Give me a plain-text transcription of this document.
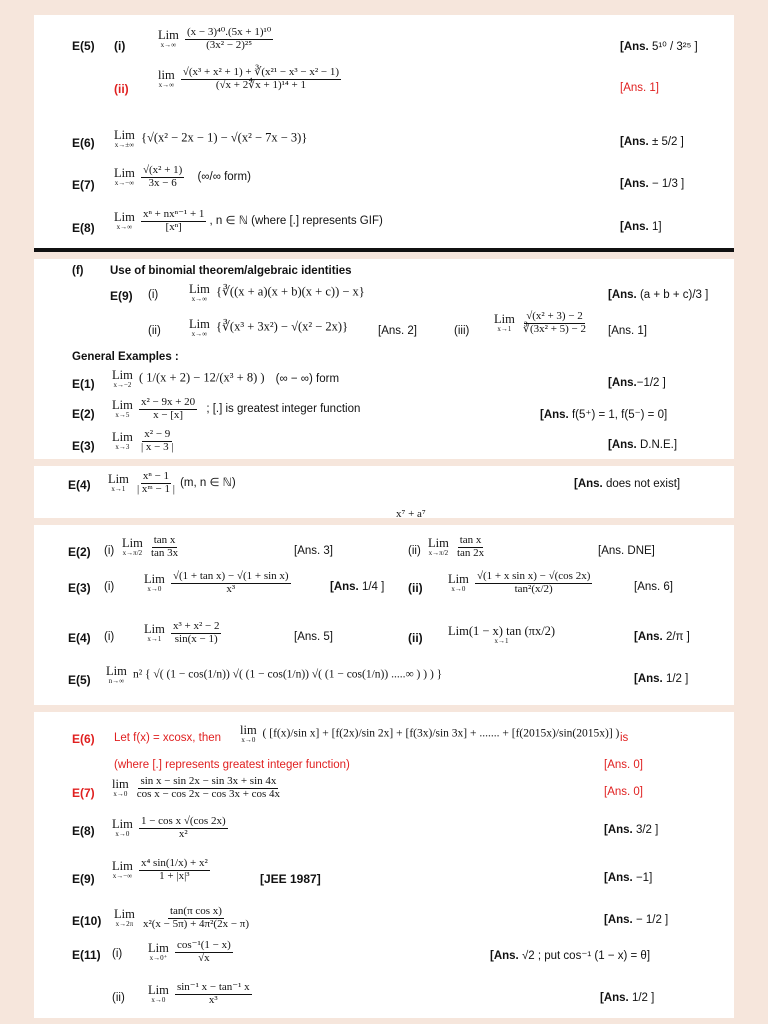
E(5) (i)
Lim
x→∞
$\frac{\text{(x − 3)⁴⁰.(5x + 1)¹⁰}}{\text{(3x² − 2)²⁵}}$	[Ans. 5¹⁰ / 3²⁵ ]
(ii)
lim
x→∞
$\frac{\text{√(x³ + x² + 1) + ∛(x²¹ − x³ − x² − 1)}}{\text{(√x + 2∜x + 1)¹⁴ + 1}}$	[Ans. 1]
E(6)
Lim
x→±∞ {√(x² − 2x − 1) − √(x² − 7x − 3)}	[Ans. ± 5/2 ]
E(7)
Lim
x→−∞
$\frac{\text{√(x² + 1)}}{3x - 6}$ (∞/∞ form)
[Ans. − 1/3 ]
E(8)
Lim
x→∞
$\frac{\text{xⁿ + nxⁿ⁻¹ + 1}}{\text{[xⁿ]}}$ , n ∈ ℕ (where [.] represents GIF)
[Ans. 1]
(f) Use of binomial theorem/algebraic identities
E(9) (i) Lim
x→∞ {∛((x + a)(x + b)(x + c)) − x}	[Ans. (a + b + c)/3 ]
(ii) Lim
x→∞ {∛(x³ + 3x²) − √(x² − 2x)}	[Ans. 2]	(iii)
Lim
x→1
$\frac{\text{√(x² + 3) − 2}}{\text{∛(3x² + 5) − 2}} [Ans$. 1]
General Examples :
E(1)
Lim
x→−2 ( 1/(x + 2) − 12/(x³ + 8) ) (∞ − ∞) form	[Ans.−1/2 ]
E(2)
Lim
x→5
$\frac{\text{x² − 9x + 20}}{x - [x]}$ ; [.] is greatest integer function
[Ans. f(5⁺) = 1, f(5⁻) = 0]
E(3)
Lim
x→3
$\frac{\text{x² − 9}}{| x - 3 |}$	[Ans. D.N.E.]
E(4) Lim
x→1
$\frac{\text{xⁿ − 1}}{\text{| xᵐ − 1 |}} (m$, n ∈ ℕ)	[Ans. does not exist]
x⁷ + a⁷
E(2) (i)
Lim
x→π/2
$\frac{\text{tan x}}{\tan 3x}$	[Ans. 3]	(ii)
Lim
x→π/2
$\frac{\text{tan x}}{\tan 2x}$	[Ans. DNE]
E(3) (i)
Lim
x→0
$\frac{\text{√(1 + tan x) − √(1 + sin x)}}{\text{x³}}$	[Ans. 1/4 ] (ii)
Lim
x→0
$\frac{\text{√(1 + x sin x) − √(cos 2x)}}{\text{tan²(x/2)}}$	[Ans. 6]
E(4) (i)
Lim
x→1
$\frac{\text{x³ + x² − 2}}{\sin(x - 1)}$	[Ans. 5]	(ii) Lim(1 − x) tan (πx/2)
x→1	[Ans. 2/π ]
E(5)
Lim
n→∞ n² { √( (1 − cos(1/n)) √( (1 − cos(1/n)) √( (1 − cos(1/n)) .....∞ ) ) ) }	[Ans. 1/2 ]
E(6) Let f(x) = xcosx, then
lim
x→0
( [f(x)/sin x] + [f(2x)/sin 2x] + [f(3x)/sin 3x] + ....... + [f(2015x)/sin(2015x)] ) is
(where [.] represents greatest integer function)	[Ans. 0]
E(7)
lim
x→0
$\frac{\text{sin x − sin 2x − sin 3x + sin 4x}}{\text{cos x − cos 2x − cos 3x + cos 4x}}$	[Ans. 0]
E(8) Lim
x→0
$\frac{\text{1 − cos x √(cos 2x)}}{\text{x²}}$	[Ans. 3/2 ]
E(9)
Lim
x→−∞
$\frac{\text{x⁴ sin(1/x) + x²}}{\text{1 + |x|³}}$	[JEE 1987]	[Ans. −1]
E(10) Lim
x→2π
$\frac{\text{tan(π cos x)}}{\text{x²(x − 5π) + 4π²(2x − π)}}$	[Ans. − 1/2 ]
E(11) (i) Lim
x→0⁺
$\frac{\text{cos⁻¹(1 − x)}}{√x}$	[Ans. √2 ; put cos⁻¹ (1 − x) = θ]
(ii)
Lim
x→0
$\frac{\text{sin⁻¹ x − tan⁻¹ x}}{\text{x³}}$	[Ans. 1/2 ]
